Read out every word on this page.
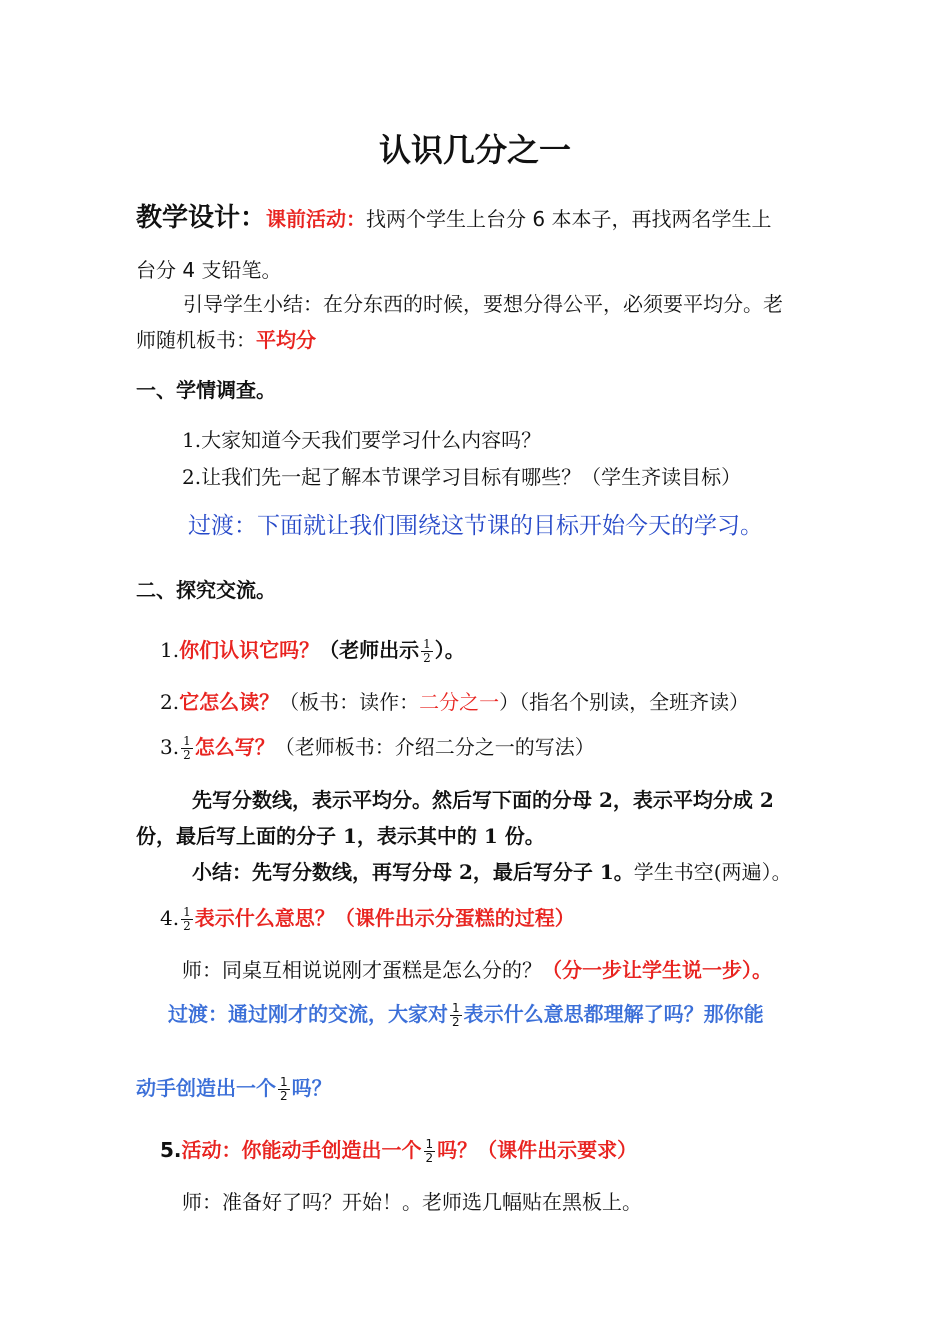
认识几分之一
教学设计：课前活动：找两个学生上台分 6 本本子，再找两名学生上
台分 4 支铅笔。
引导学生小结：在分东西的时候，要想分得公平，必须要平均分。老
师随机板书：平均分
一、学情调查。
1.大家知道今天我们要学习什么内容吗？
2.让我们先一起了解本节课学习目标有哪些？（学生齐读目标）
过渡：下面就让我们围绕这节课的目标开始今天的学习。
二、探究交流。
1.你们认识它吗？（老师出示 $\frac{1}{2}$ ）。
2.它怎么读？（板书：读作：二分之一）（指名个别读，全班齐读）
3. $\frac{1}{2}$ 怎么写？（老师板书：介绍二分之一的写法）
先写分数线，表示平均分。然后写下面的分母 2，表示平均分成 2
份，最后写上面的分子 1，表示其中的 1 份。
小结：先写分数线，再写分母 2，最后写分子 1。学生书空(两遍）。
4. $\frac{1}{2}$ 表示什么意思？（课件出示分蛋糕的过程）
师：同桌互相说说刚才蛋糕是怎么分的？（分一步让学生说一步）。
过渡：通过刚才的交流，大家对 $\frac{1}{2}$ 表示什么意思都理解了吗？那你能
动手创造出一个 $\frac{1}{2}$ 吗？
5.活动：你能动手创造出一个 $\frac{1}{2}$ 吗？（课件出示要求）
师：准备好了吗？开始！。老师选几幅贴在黑板上。
